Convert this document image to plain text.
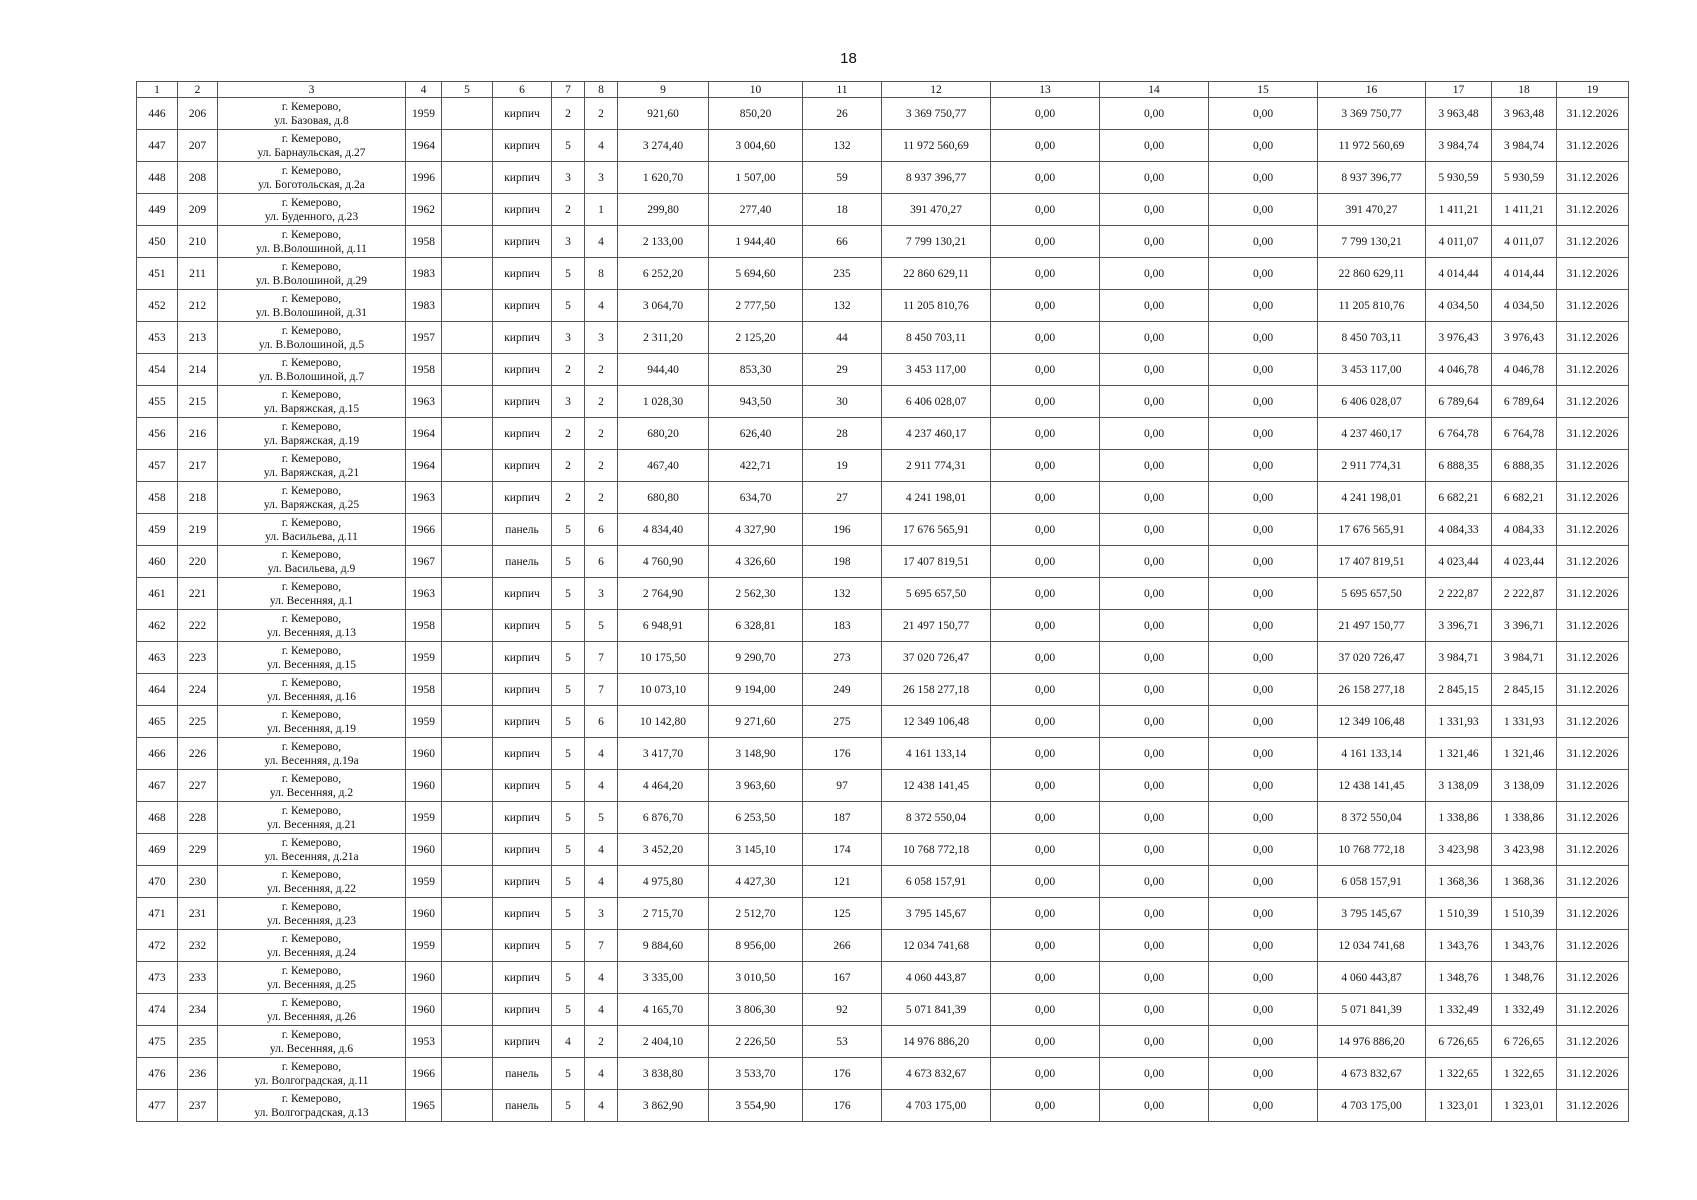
18
1	2	3	4	5	6	7	8	9	10	11	12	13	14	15	16	17	18	19
446	206	г. Кемерово,
ул. Базовая, д.8	1959		кирпич	2	2	921,60	850,20	26	3 369 750,77	0,00	0,00	0,00	3 369 750,77	3 963,48	3 963,48	31.12.2026
447	207	г. Кемерово,
ул. Барнаульская, д.27	1964		кирпич	5	4	3 274,40	3 004,60	132	11 972 560,69	0,00	0,00	0,00	11 972 560,69	3 984,74	3 984,74	31.12.2026
448	208	г. Кемерово,
ул. Боготольская, д.2а	1996		кирпич	3	3	1 620,70	1 507,00	59	8 937 396,77	0,00	0,00	0,00	8 937 396,77	5 930,59	5 930,59	31.12.2026
449	209	г. Кемерово,
ул. Буденного, д.23	1962		кирпич	2	1	299,80	277,40	18	391 470,27	0,00	0,00	0,00	391 470,27	1 411,21	1 411,21	31.12.2026
450	210	г. Кемерово,
ул. В.Волошиной, д.11	1958		кирпич	3	4	2 133,00	1 944,40	66	7 799 130,21	0,00	0,00	0,00	7 799 130,21	4 011,07	4 011,07	31.12.2026
451	211	г. Кемерово,
ул. В.Волошиной, д.29	1983		кирпич	5	8	6 252,20	5 694,60	235	22 860 629,11	0,00	0,00	0,00	22 860 629,11	4 014,44	4 014,44	31.12.2026
452	212	г. Кемерово,
ул. В.Волошиной, д.31	1983		кирпич	5	4	3 064,70	2 777,50	132	11 205 810,76	0,00	0,00	0,00	11 205 810,76	4 034,50	4 034,50	31.12.2026
453	213	г. Кемерово,
ул. В.Волошиной, д.5	1957		кирпич	3	3	2 311,20	2 125,20	44	8 450 703,11	0,00	0,00	0,00	8 450 703,11	3 976,43	3 976,43	31.12.2026
454	214	г. Кемерово,
ул. В.Волошиной, д.7	1958		кирпич	2	2	944,40	853,30	29	3 453 117,00	0,00	0,00	0,00	3 453 117,00	4 046,78	4 046,78	31.12.2026
455	215	г. Кемерово,
ул. Варяжская, д.15	1963		кирпич	3	2	1 028,30	943,50	30	6 406 028,07	0,00	0,00	0,00	6 406 028,07	6 789,64	6 789,64	31.12.2026
456	216	г. Кемерово,
ул. Варяжская, д.19	1964		кирпич	2	2	680,20	626,40	28	4 237 460,17	0,00	0,00	0,00	4 237 460,17	6 764,78	6 764,78	31.12.2026
457	217	г. Кемерово,
ул. Варяжская, д.21	1964		кирпич	2	2	467,40	422,71	19	2 911 774,31	0,00	0,00	0,00	2 911 774,31	6 888,35	6 888,35	31.12.2026
458	218	г. Кемерово,
ул. Варяжская, д.25	1963		кирпич	2	2	680,80	634,70	27	4 241 198,01	0,00	0,00	0,00	4 241 198,01	6 682,21	6 682,21	31.12.2026
459	219	г. Кемерово,
ул. Васильева, д.11	1966		панель	5	6	4 834,40	4 327,90	196	17 676 565,91	0,00	0,00	0,00	17 676 565,91	4 084,33	4 084,33	31.12.2026
460	220	г. Кемерово,
ул. Васильева, д.9	1967		панель	5	6	4 760,90	4 326,60	198	17 407 819,51	0,00	0,00	0,00	17 407 819,51	4 023,44	4 023,44	31.12.2026
461	221	г. Кемерово,
ул. Весенняя, д.1	1963		кирпич	5	3	2 764,90	2 562,30	132	5 695 657,50	0,00	0,00	0,00	5 695 657,50	2 222,87	2 222,87	31.12.2026
462	222	г. Кемерово,
ул. Весенняя, д.13	1958		кирпич	5	5	6 948,91	6 328,81	183	21 497 150,77	0,00	0,00	0,00	21 497 150,77	3 396,71	3 396,71	31.12.2026
463	223	г. Кемерово,
ул. Весенняя, д.15	1959		кирпич	5	7	10 175,50	9 290,70	273	37 020 726,47	0,00	0,00	0,00	37 020 726,47	3 984,71	3 984,71	31.12.2026
464	224	г. Кемерово,
ул. Весенняя, д.16	1958		кирпич	5	7	10 073,10	9 194,00	249	26 158 277,18	0,00	0,00	0,00	26 158 277,18	2 845,15	2 845,15	31.12.2026
465	225	г. Кемерово,
ул. Весенняя, д.19	1959		кирпич	5	6	10 142,80	9 271,60	275	12 349 106,48	0,00	0,00	0,00	12 349 106,48	1 331,93	1 331,93	31.12.2026
466	226	г. Кемерово,
ул. Весенняя, д.19а	1960		кирпич	5	4	3 417,70	3 148,90	176	4 161 133,14	0,00	0,00	0,00	4 161 133,14	1 321,46	1 321,46	31.12.2026
467	227	г. Кемерово,
ул. Весенняя, д.2	1960		кирпич	5	4	4 464,20	3 963,60	97	12 438 141,45	0,00	0,00	0,00	12 438 141,45	3 138,09	3 138,09	31.12.2026
468	228	г. Кемерово,
ул. Весенняя, д.21	1959		кирпич	5	5	6 876,70	6 253,50	187	8 372 550,04	0,00	0,00	0,00	8 372 550,04	1 338,86	1 338,86	31.12.2026
469	229	г. Кемерово,
ул. Весенняя, д.21а	1960		кирпич	5	4	3 452,20	3 145,10	174	10 768 772,18	0,00	0,00	0,00	10 768 772,18	3 423,98	3 423,98	31.12.2026
470	230	г. Кемерово,
ул. Весенняя, д.22	1959		кирпич	5	4	4 975,80	4 427,30	121	6 058 157,91	0,00	0,00	0,00	6 058 157,91	1 368,36	1 368,36	31.12.2026
471	231	г. Кемерово,
ул. Весенняя, д.23	1960		кирпич	5	3	2 715,70	2 512,70	125	3 795 145,67	0,00	0,00	0,00	3 795 145,67	1 510,39	1 510,39	31.12.2026
472	232	г. Кемерово,
ул. Весенняя, д.24	1959		кирпич	5	7	9 884,60	8 956,00	266	12 034 741,68	0,00	0,00	0,00	12 034 741,68	1 343,76	1 343,76	31.12.2026
473	233	г. Кемерово,
ул. Весенняя, д.25	1960		кирпич	5	4	3 335,00	3 010,50	167	4 060 443,87	0,00	0,00	0,00	4 060 443,87	1 348,76	1 348,76	31.12.2026
474	234	г. Кемерово,
ул. Весенняя, д.26	1960		кирпич	5	4	4 165,70	3 806,30	92	5 071 841,39	0,00	0,00	0,00	5 071 841,39	1 332,49	1 332,49	31.12.2026
475	235	г. Кемерово,
ул. Весенняя, д.6	1953		кирпич	4	2	2 404,10	2 226,50	53	14 976 886,20	0,00	0,00	0,00	14 976 886,20	6 726,65	6 726,65	31.12.2026
476	236	г. Кемерово,
ул. Волгоградская, д.11	1966		панель	5	4	3 838,80	3 533,70	176	4 673 832,67	0,00	0,00	0,00	4 673 832,67	1 322,65	1 322,65	31.12.2026
477	237	г. Кемерово,
ул. Волгоградская, д.13	1965		панель	5	4	3 862,90	3 554,90	176	4 703 175,00	0,00	0,00	0,00	4 703 175,00	1 323,01	1 323,01	31.12.2026
